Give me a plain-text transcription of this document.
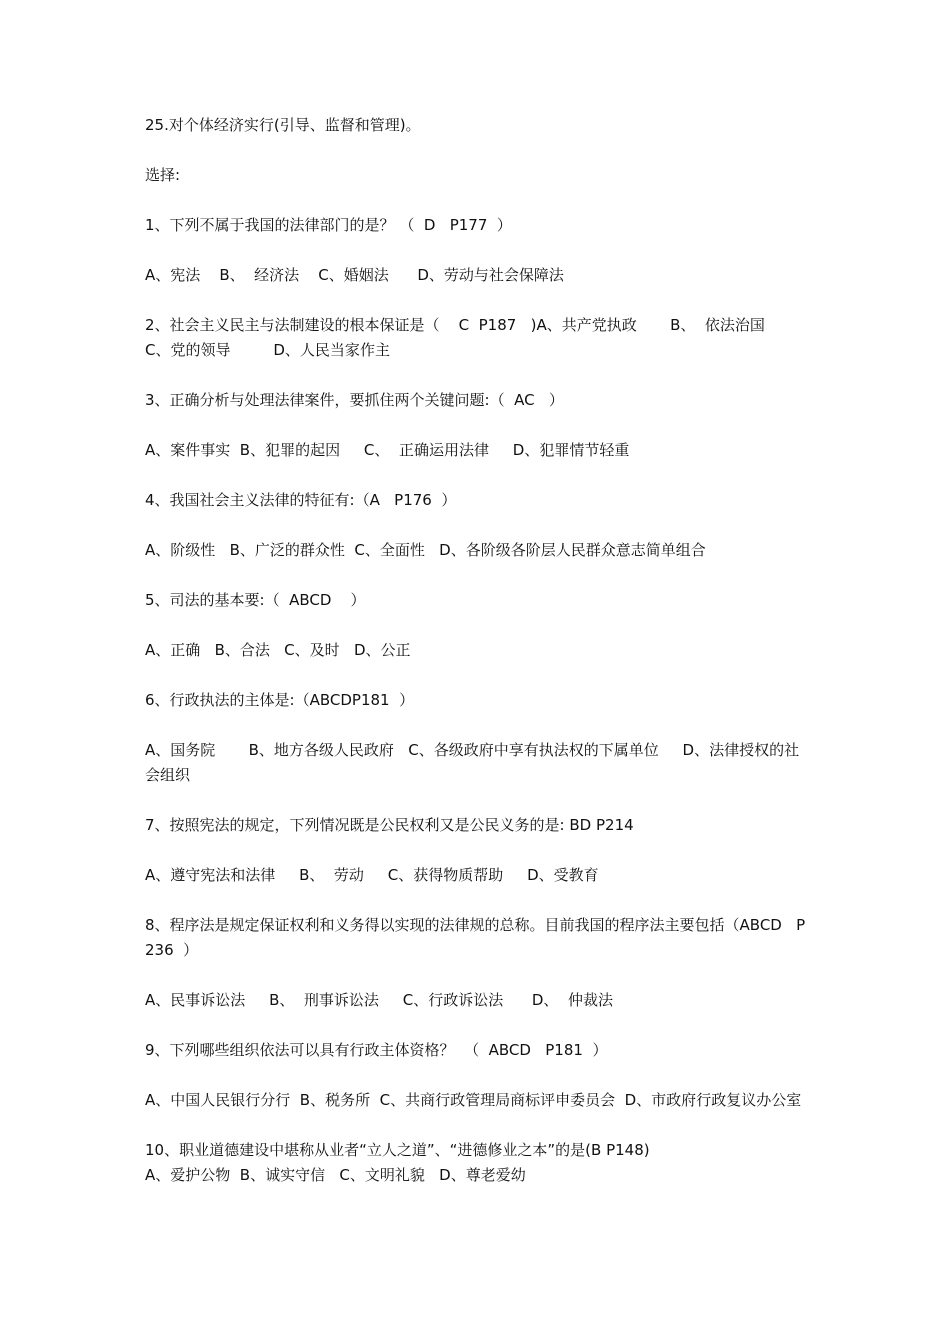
25.对个体经济实行(引导、监督和管理)。

选择:

1、下列不属于我国的法律部门的是？ （  D   P177  ）

A、宪法    B、  经济法    C、婚姻法      D、劳动与社会保障法

2、社会主义民主与法制建设的根本保证是（    C  P187   )A、共产党执政       B、  依法治国      C、党的领导         D、人民当家作主

3、正确分析与处理法律案件，要抓住两个关键问题:（  AC   ）

A、案件事实  B、犯罪的起因     C、  正确运用法律     D、犯罪情节轻重

4、我国社会主义法律的特征有:（A   P176  ）

A、阶级性   B、广泛的群众性  C、全面性   D、各阶级各阶层人民群众意志简单组合

5、司法的基本要:（  ABCD    ）

A、正确   B、合法   C、及时   D、公正

6、行政执法的主体是:（ABCDP181  ）

A、国务院       B、地方各级人民政府   C、各级政府中享有执法权的下属单位     D、法律授权的社会组织

7、按照宪法的规定，下列情况既是公民权利又是公民义务的是: BD P214

A、遵守宪法和法律     B、  劳动     C、获得物质帮助     D、受教育

8、程序法是规定保证权利和义务得以实现的法律规的总称。目前我国的程序法主要包括（ABCD   P236  ）

A、民事诉讼法     B、  刑事诉讼法     C、行政诉讼法      D、  仲裁法

9、下列哪些组织依法可以具有行政主体资格？  （  ABCD   P181  ）

A、中国人民银行分行  B、税务所  C、共商行政管理局商标评申委员会  D、市政府行政复议办公室

10、职业道德建设中堪称从业者“立人之道”、“进德修业之本”的是(B P148)

A、爱护公物  B、诚实守信   C、文明礼貌   D、尊老爱幼
